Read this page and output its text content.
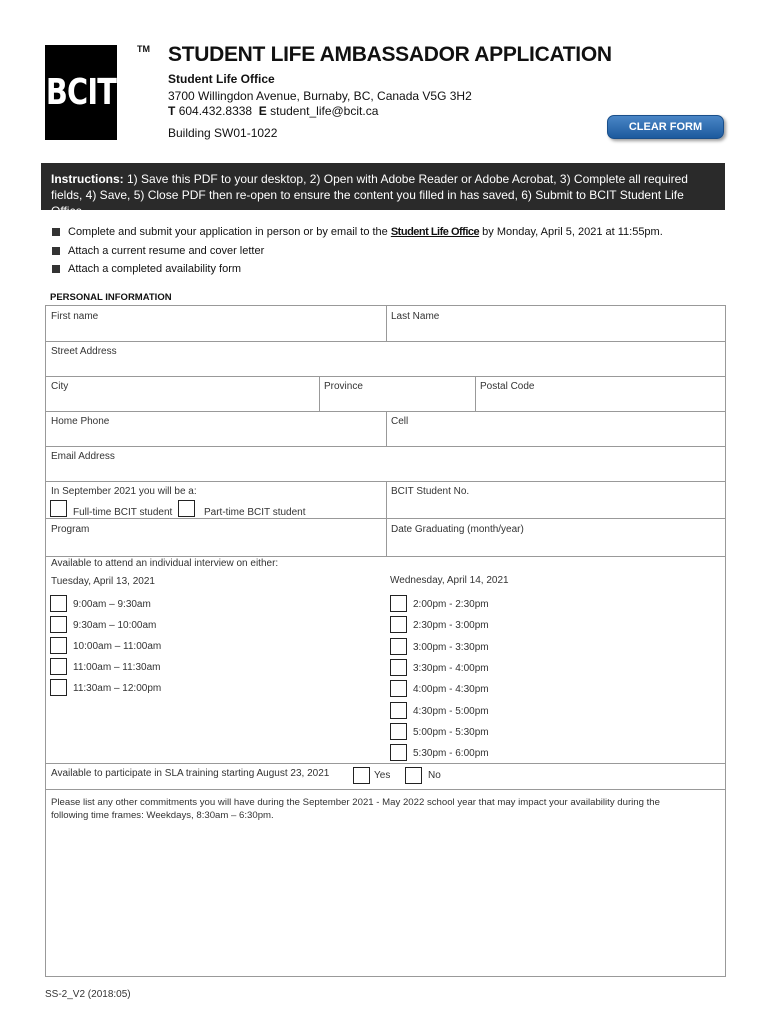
BCIT
TM STUDENT LIFE AMBASSADOR APPLICATION
Student Life Office
3700 Willingdon Avenue, Burnaby, BC, Canada V5G 3H2
T 604.432.8338 E student_life@bcit.ca
Building SW01-1022	CLEAR FORM
Instructions: 1) Save this PDF to your desktop, 2) Open with Adobe Reader or Adobe Acrobat, 3) Complete all required fields, 4) Save, 5) Close PDF then re-open to ensure the content you filled in has saved, 6) Submit to BCIT Student Life Office.
Complete and submit your application in person or by email to the Student Life Office by Monday, April 5, 2021 at 11:55pm.
Attach a current resume and cover letter
Attach a completed availability form
PERSONAL INFORMATION
First name	Last Name
Street Address
City	Province	Postal Code
Home Phone	Cell
Email Address
In September 2021 you will be a:	BCIT Student No.
Full-time BCIT student	Part-time BCIT student
Program	Date Graduating (month/year)
Available to attend an individual interview on either:
Tuesday, April 13, 2021	Wednesday, April 14, 2021
9:00am – 9:30am
9:30am – 10:00am
10:00am – 11:00am
11:00am – 11:30am
11:30am – 12:00pm
2:00pm - 2:30pm
2:30pm - 3:00pm
3:00pm - 3:30pm
3:30pm - 4:00pm
4:00pm - 4:30pm
4:30pm - 5:00pm
5:00pm - 5:30pm
5:30pm - 6:00pm
Available to participate in SLA training starting August 23, 2021	Yes	No
Please list any other commitments you will have during the September 2021 - May 2022 school year that may impact your availability during the following time frames: Weekdays, 8:30am – 6:30pm.
SS-2_V2 (2018:05)
